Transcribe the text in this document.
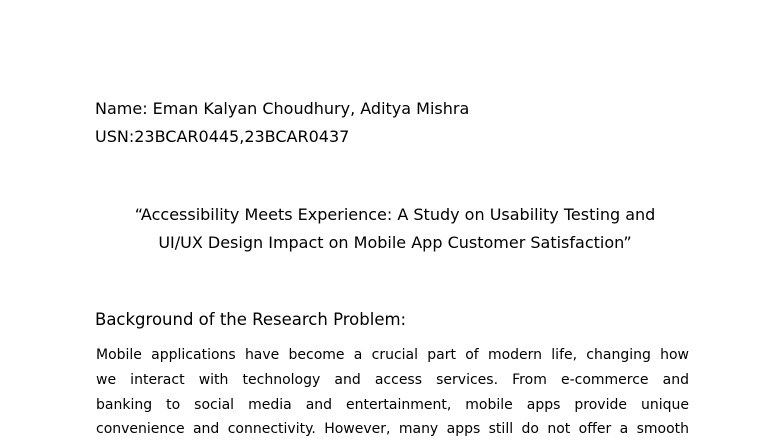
Name: Eman Kalyan Choudhury, Aditya Mishra

USN:23BCAR0445,23BCAR0437

“Accessibility Meets Experience: A Study on Usability Testing and

UI/UX Design Impact on Mobile App Customer Satisfaction”

Background of the Research Problem:

Mobile applications have become a crucial part of modern life, changing how

we interact with technology and access services. From e-commerce and

banking to social media and entertainment, mobile apps provide unique

convenience and connectivity. However, many apps still do not offer a smooth
